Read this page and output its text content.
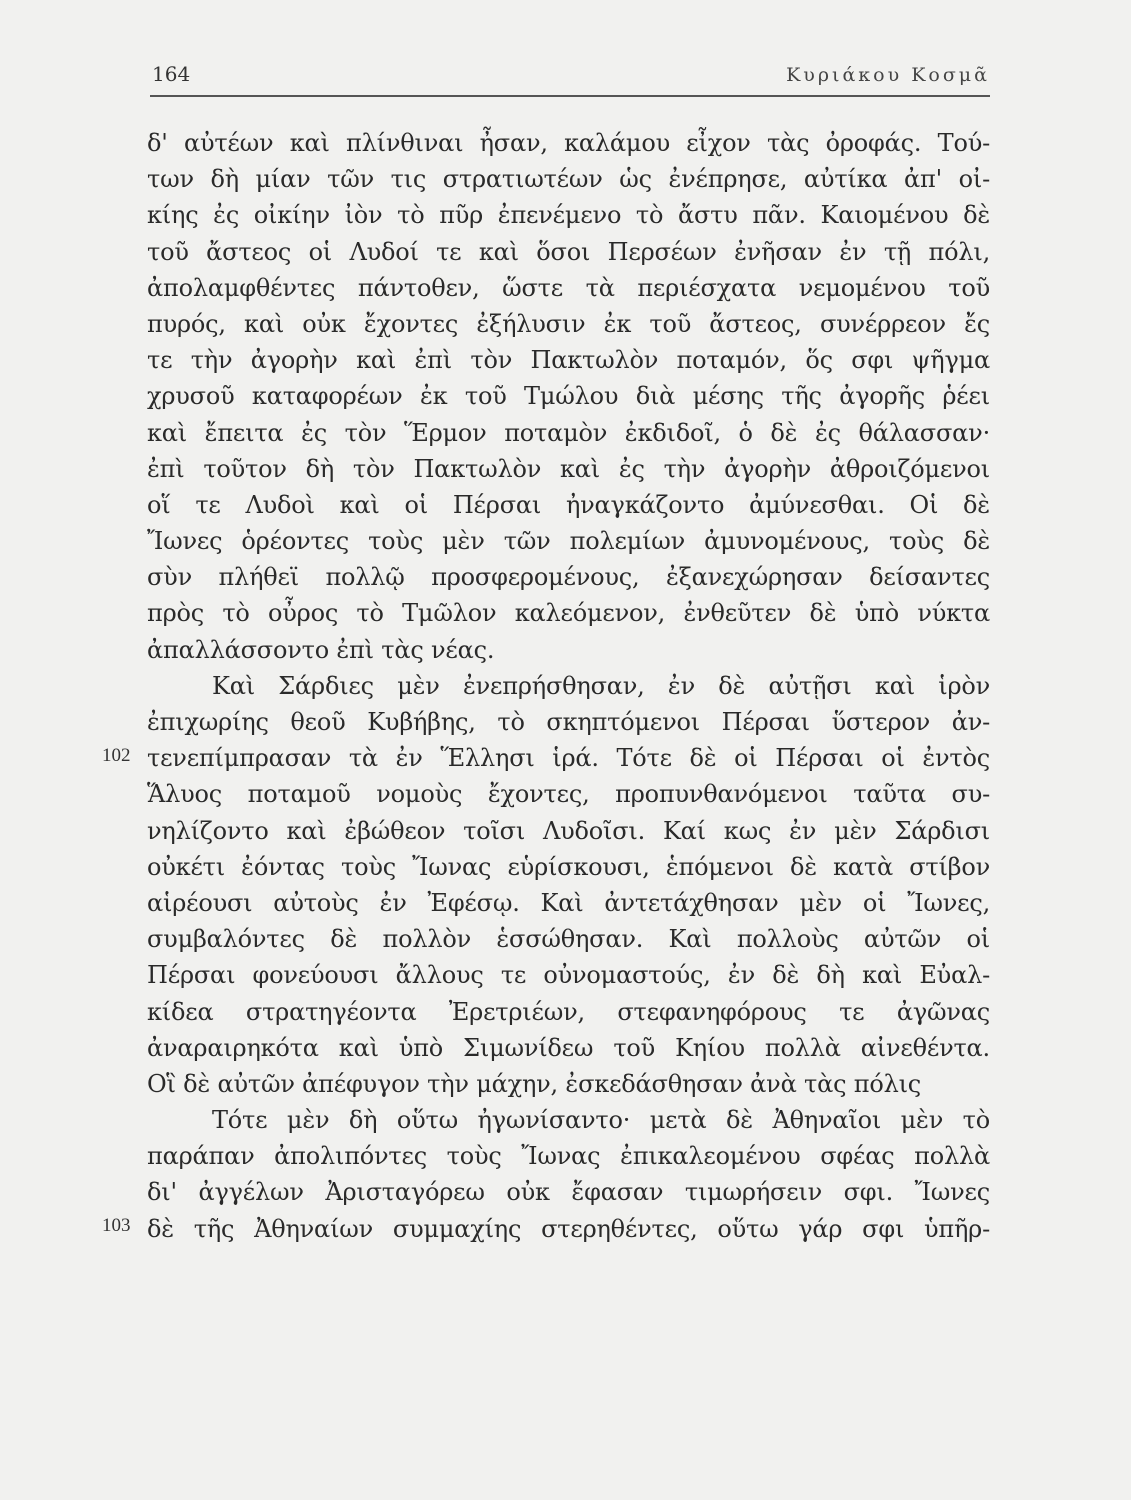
164	Κυριάκου Κοσμᾶ
102
103
δ' αὐτέων καὶ πλίνθιναι ἦσαν, καλάμου εἶχον τὰς ὀροφάς. Τού-
των δὴ μίαν τῶν τις στρατιωτέων ὡς ἐνέπρησε, αὐτίκα ἀπ' οἰ-
κίης ἐς οἰκίην ἰὸν τὸ πῦρ ἐπενέμενο τὸ ἄστυ πᾶν. Καιομένου δὲ
τοῦ ἄστεος οἱ Λυδοί τε καὶ ὅσοι Περσέων ἐνῆσαν ἐν τῇ πόλι,
ἀπολαμφθέντες πάντοθεν, ὥστε τὰ περιέσχατα νεμομένου τοῦ
πυρός, καὶ οὐκ ἔχοντες ἐξήλυσιν ἐκ τοῦ ἄστεος, συνέρρεον ἔς
τε τὴν ἀγορὴν καὶ ἐπὶ τὸν Πακτωλὸν ποταμόν, ὅς σφι ψῆγμα
χρυσοῦ καταφορέων ἐκ τοῦ Τμώλου διὰ μέσης τῆς ἀγορῆς ῥέει
καὶ ἔπειτα ἐς τὸν Ἕρμον ποταμὸν ἐκδιδοῖ, ὁ δὲ ἐς θάλασσαν·
ἐπὶ τοῦτον δὴ τὸν Πακτωλὸν καὶ ἐς τὴν ἀγορὴν ἀθροιζόμενοι
οἵ τε Λυδοὶ καὶ οἱ Πέρσαι ἠναγκάζοντο ἀμύνεσθαι. Οἱ δὲ
Ἴωνες ὁρέοντες τοὺς μὲν τῶν πολεμίων ἀμυνομένους, τοὺς δὲ
σὺν πλήθεϊ πολλῷ προσφερομένους, ἐξανεχώρησαν δείσαντες
πρὸς τὸ οὖρος τὸ Τμῶλον καλεόμενον, ἐνθεῦτεν δὲ ὑπὸ νύκτα
ἀπαλλάσσοντο ἐπὶ τὰς νέας.
Καὶ Σάρδιες μὲν ἐνεπρήσθησαν, ἐν δὲ αὐτῇσι καὶ ἱρὸν
ἐπιχωρίης θεοῦ Κυβήβης, τὸ σκηπτόμενοι Πέρσαι ὕστερον ἀν-
τενεπίμπρασαν τὰ ἐν Ἕλλησι ἱρά. Τότε δὲ οἱ Πέρσαι οἱ ἐντὸς
Ἅλυος ποταμοῦ νομοὺς ἔχοντες, προπυνθανόμενοι ταῦτα συ-
νηλίζοντο καὶ ἐβώθεον τοῖσι Λυδοῖσι. Καί κως ἐν μὲν Σάρδισι
οὐκέτι ἐόντας τοὺς Ἴωνας εὑρίσκουσι, ἑπόμενοι δὲ κατὰ στίβον
αἱρέουσι αὐτοὺς ἐν Ἐφέσῳ. Καὶ ἀντετάχθησαν μὲν οἱ Ἴωνες,
συμβαλόντες δὲ πολλὸν ἑσσώθησαν. Καὶ πολλοὺς αὐτῶν οἱ
Πέρσαι φονεύουσι ἄλλους τε οὐνομαστούς, ἐν δὲ δὴ καὶ Εὐαλ-
κίδεα στρατηγέοντα Ἐρετριέων, στεφανηφόρους τε ἀγῶνας
ἀναραιρηκότα καὶ ὑπὸ Σιμωνίδεω τοῦ Κηίου πολλὰ αἰνεθέντα.
Οἳ δὲ αὐτῶν ἀπέφυγον τὴν μάχην, ἐσκεδάσθησαν ἀνὰ τὰς πόλις
Τότε μὲν δὴ οὕτω ἠγωνίσαντο· μετὰ δὲ Ἀθηναῖοι μὲν τὸ
παράπαν ἀπολιπόντες τοὺς Ἴωνας ἐπικαλεομένου σφέας πολλὰ
δι' ἀγγέλων Ἀρισταγόρεω οὐκ ἔφασαν τιμωρήσειν σφι. Ἴωνες
δὲ τῆς Ἀθηναίων συμμαχίης στερηθέντες, οὕτω γάρ σφι ὑπῆρ-
